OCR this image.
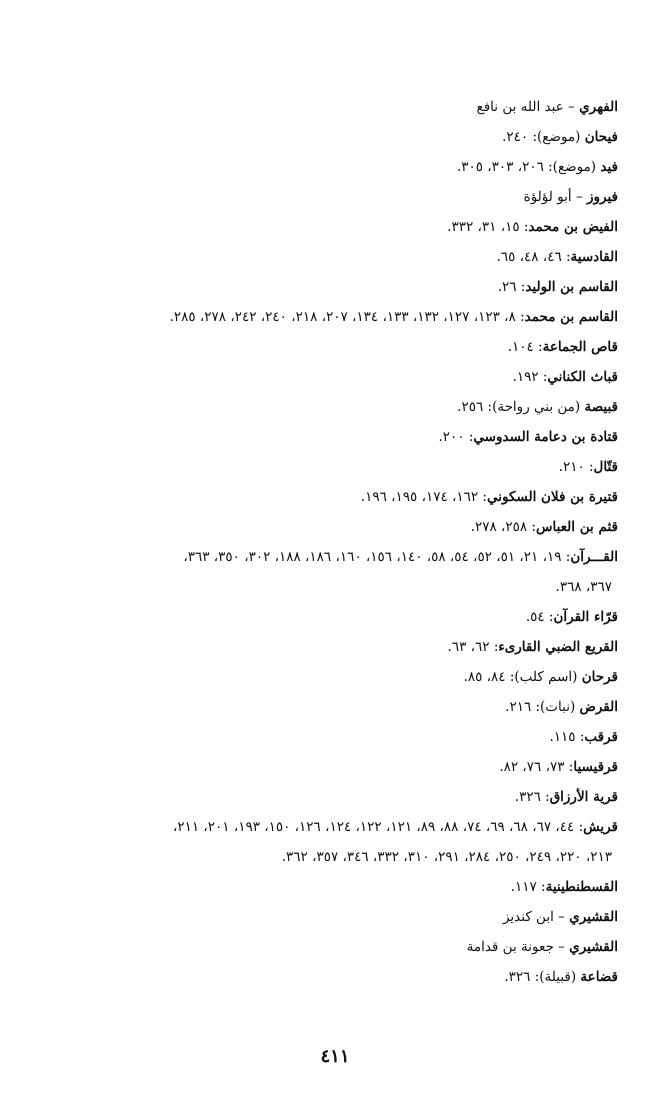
الفهري – عبد الله بن نافع
فيحان (موضع): ٢٤٠.
فيد (موضع): ٢٠٦، ٣٠٣، ٣٠٥.
فيروز – أبو لؤلؤة
الفيض بن محمد: ١٥، ٣١، ٣٣٢.
القادسية: ٤٦، ٤٨، ٦٥.
القاسم بن الوليد: ٢٦.
القاسم بن محمد: ٨، ١٢٣، ١٢٧، ١٣٢، ١٣٣، ١٣٤، ٢٠٧، ٢١٨، ٢٤٠، ٢٤٢، ٢٧٨، ٢٨٥.
قاص الجماعة: ١٠٤.
قباث الكناني: ١٩٢.
قبيصة (من بني رواحة): ٢٥٦.
قتادة بن دعامة السدوسي: ٢٠٠.
قتّال: ٢١٠.
قتيرة بن فلان السكوني: ١٦٢، ١٧٤، ١٩٥، ١٩٦.
قثم بن العباس: ٢٥٨، ٢٧٨.
القـــرآن: ١٩، ٢١، ٥١، ٥٢، ٥٤، ٥٨، ١٤٠، ١٥٦، ١٦٠، ١٨٦، ١٨٨، ٣٠٢، ٣٥٠، ٣٦٣،
٣٦٧، ٣٦٨.
قرّاء القرآن: ٥٤.
القريع الضبي القارىء: ٦٢، ٦٣.
قرحان (اسم كلب): ٨٤، ٨٥.
القرض (نبات): ٢١٦.
قرقب: ١١٥.
قرقيسيا: ٧٣، ٧٦، ٨٢.
قرية الأرزاق: ٣٢٦.
قريش: ٤٤، ٦٧، ٦٨، ٦٩، ٧٤، ٨٨، ٨٩، ١٢١، ١٢٢، ١٢٤، ١٢٦، ١٥٠، ١٩٣، ٢٠١، ٢١١،
٢١٣، ٢٢٠، ٢٤٩، ٢٥٠، ٢٨٤، ٢٩١، ٣١٠، ٣٣٢، ٣٤٦، ٣٥٧، ٣٦٢.
القسطنطينية: ١١٧.
القشيري – ابن كنديز
القشيري – جعونة بن قدامة
قضاعة (قبيلة): ٣٢٦.
٤١١
